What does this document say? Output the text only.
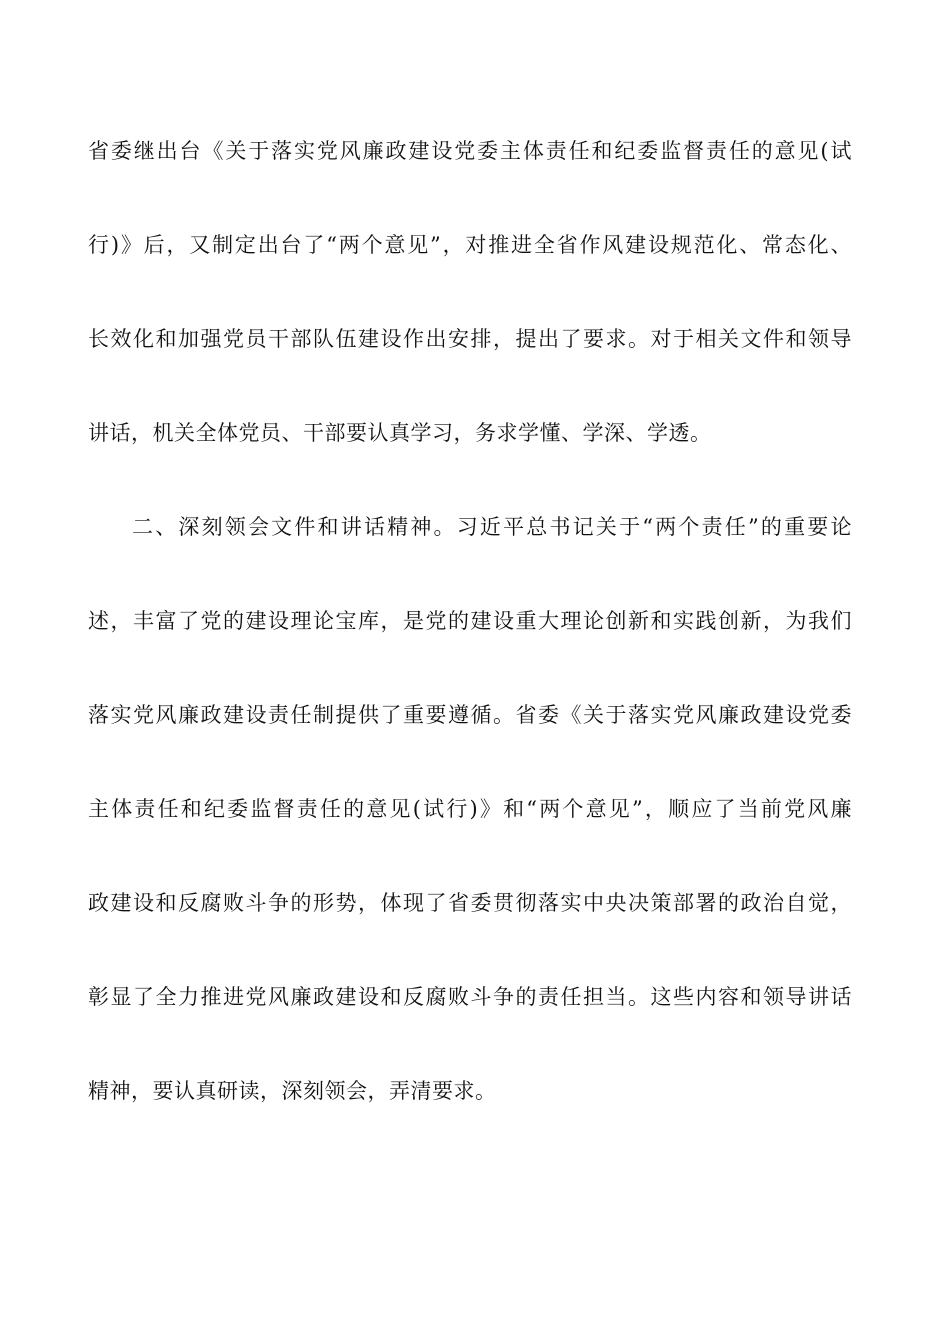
省委继出台《关于落实党风廉政建设党委主体责任和纪委监督责任的意见(试
行)》后，又制定出台了“两个意见”，对推进全省作风建设规范化、常态化、
长效化和加强党员干部队伍建设作出安排，提出了要求。对于相关文件和领导
讲话，机关全体党员、干部要认真学习，务求学懂、学深、学透。
二、深刻领会文件和讲话精神。习近平总书记关于“两个责任”的重要论
述，丰富了党的建设理论宝库，是党的建设重大理论创新和实践创新，为我们
落实党风廉政建设责任制提供了重要遵循。省委《关于落实党风廉政建设党委
主体责任和纪委监督责任的意见(试行)》和“两个意见”，顺应了当前党风廉
政建设和反腐败斗争的形势，体现了省委贯彻落实中央决策部署的政治自觉，
彰显了全力推进党风廉政建设和反腐败斗争的责任担当。这些内容和领导讲话
精神，要认真研读，深刻领会，弄清要求。
